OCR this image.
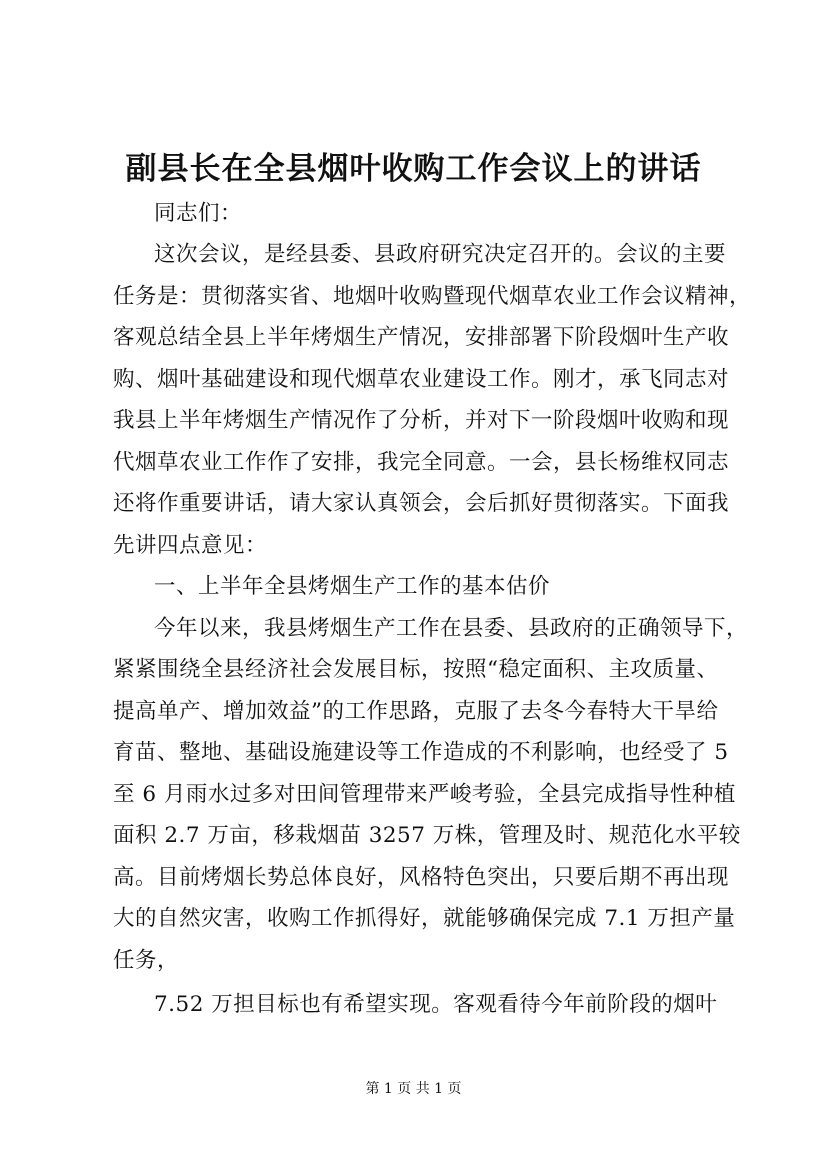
副县长在全县烟叶收购工作会议上的讲话
同志们：
这次会议，是经县委、县政府研究决定召开的。会议的主要
任务是：贯彻落实省、地烟叶收购暨现代烟草农业工作会议精神，
客观总结全县上半年烤烟生产情况，安排部署下阶段烟叶生产收
购、烟叶基础建设和现代烟草农业建设工作。刚才，承飞同志对
我县上半年烤烟生产情况作了分析，并对下一阶段烟叶收购和现
代烟草农业工作作了安排，我完全同意。一会，县长杨维权同志
还将作重要讲话，请大家认真领会，会后抓好贯彻落实。下面我
先讲四点意见：
一、上半年全县烤烟生产工作的基本估价
今年以来，我县烤烟生产工作在县委、县政府的正确领导下，
紧紧围绕全县经济社会发展目标，按照“稳定面积、主攻质量、
提高单产、增加效益”的工作思路，克服了去冬今春特大干旱给
育苗、整地、基础设施建设等工作造成的不利影响，也经受了 5
至 6 月雨水过多对田间管理带来严峻考验，全县完成指导性种植
面积 2.7 万亩，移栽烟苗 3257 万株，管理及时、规范化水平较
高。目前烤烟长势总体良好，风格特色突出，只要后期不再出现
大的自然灾害，收购工作抓得好，就能够确保完成 7.1 万担产量
任务，
7.52 万担目标也有希望实现。客观看待今年前阶段的烟叶
第 1 页 共 1 页
